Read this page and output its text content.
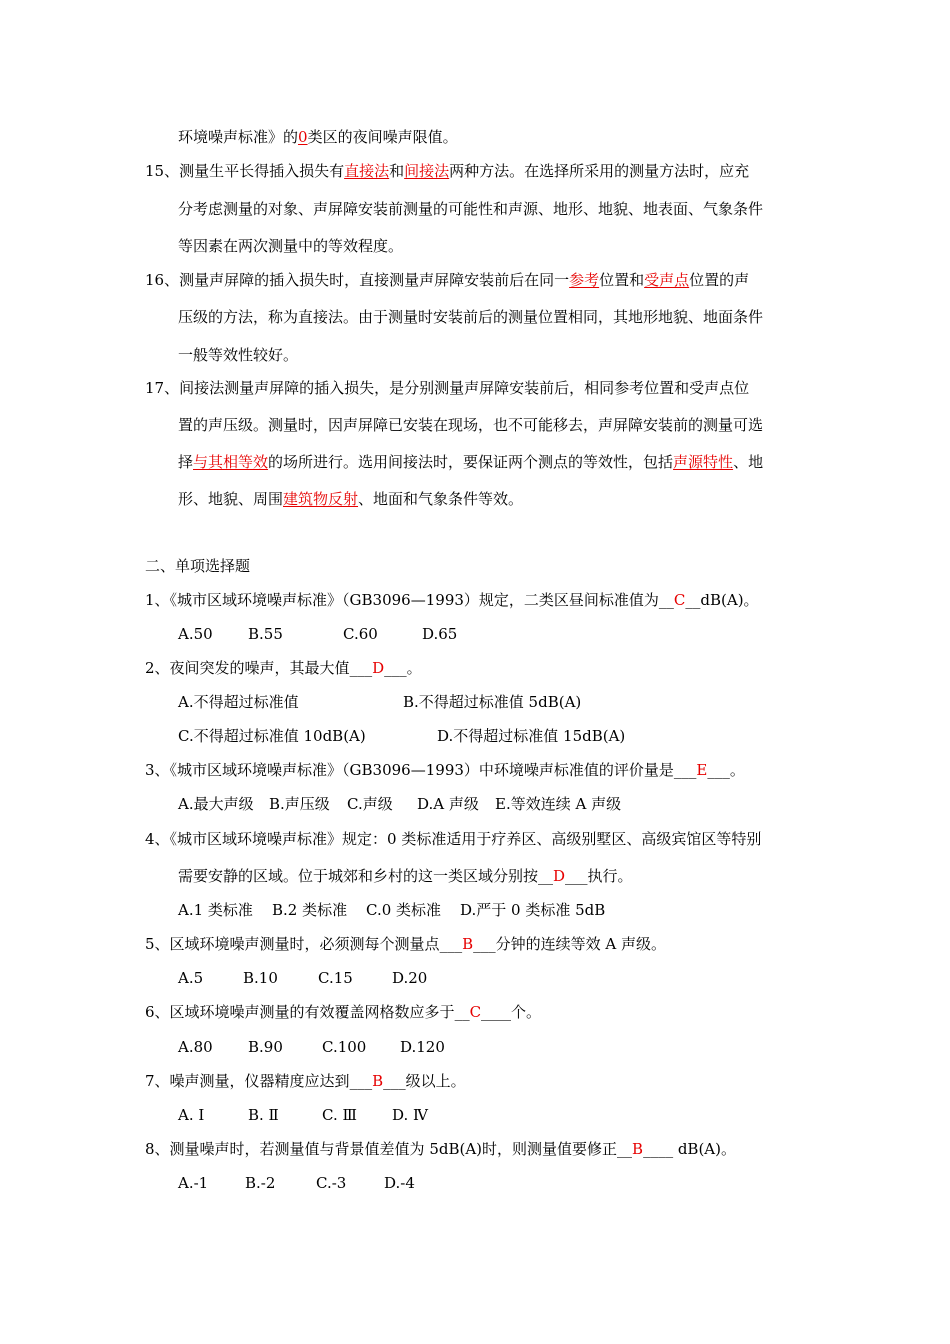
环境噪声标准》的0类区的夜间噪声限值。
15、测量生平长得插入损失有直接法和间接法两种方法。在选择所采用的测量方法时，应充
分考虑测量的对象、声屏障安装前测量的可能性和声源、地形、地貌、地表面、气象条件
等因素在两次测量中的等效程度。
16、测量声屏障的插入损失时，直接测量声屏障安装前后在同一参考位置和受声点位置的声
压级的方法，称为直接法。由于测量时安装前后的测量位置相同，其地形地貌、地面条件
一般等效性较好。
17、间接法测量声屏障的插入损失，是分别测量声屏障安装前后，相同参考位置和受声点位
置的声压级。测量时，因声屏障已安装在现场，也不可能移去，声屏障安装前的测量可选
择与其相等效的场所进行。选用间接法时，要保证两个测点的等效性，包括声源特性、地
形、地貌、周围建筑物反射、地面和气象条件等效。
二、单项选择题
1、《城市区域环境噪声标准》（GB3096—1993）规定，二类区昼间标准值为__C__dB(A)。
A.50 B.55	C.60	D.65
2、夜间突发的噪声，其最大值___D___。
A.不得超过标准值	B.不得超过标准值 5dB(A)
C.不得超过标准值 10dB(A)	D.不得超过标准值 15dB(A)
3、《城市区域环境噪声标准》（GB3096—1993）中环境噪声标准值的评价量是___E___。
A.最大声级 B.声压级 C.声级 D.A 声级 E.等效连续 A 声级
4、《城市区域环境噪声标准》规定：0 类标准适用于疗养区、高级别墅区、高级宾馆区等特别
需要安静的区域。位于城郊和乡村的这一类区域分别按__D___执行。
A.1 类标准 B.2 类标准 C.0 类标准 D.严于 0 类标准 5dB
5、区域环境噪声测量时，必须测每个测量点___B___分钟的连续等效 A 声级。
A.5	B.10	C.15	D.20
6、区域环境噪声测量的有效覆盖网格数应多于__C____个。
A.80 B.90	C.100 D.120
7、噪声测量，仪器精度应达到___B___级以上。
A. Ⅰ	B. Ⅱ	C. Ⅲ D. Ⅳ
8、测量噪声时，若测量值与背景值差值为 5dB(A)时，则测量值要修正__B____ dB(A)。
A.-1 B.-2	C.-3	D.-4
